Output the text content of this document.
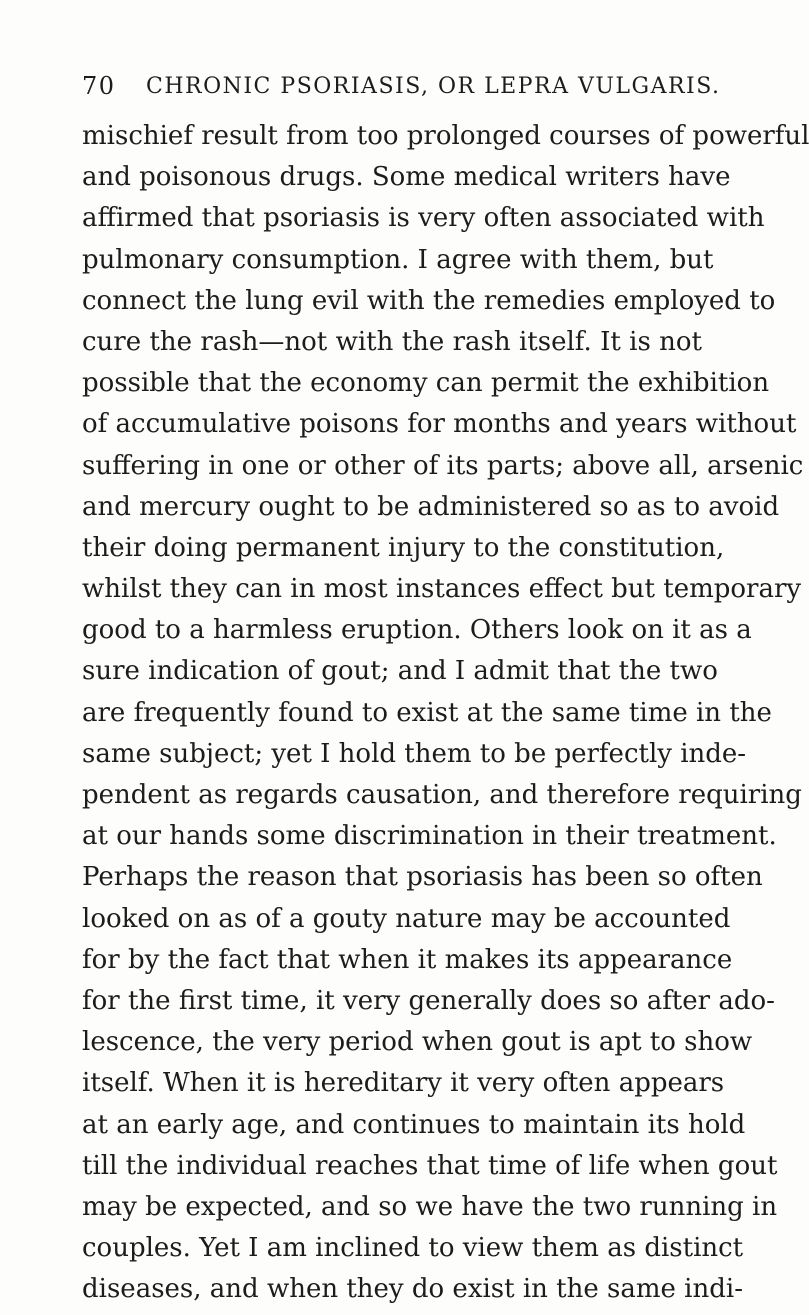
70 CHRONIC PSORIASIS, OR LEPRA VULGARIS.
mischief result from too prolonged courses of powerful
and poisonous drugs. Some medical writers have
affirmed that psoriasis is very often associated with
pulmonary consumption. I agree with them, but
connect the lung evil with the remedies employed to
cure the rash—not with the rash itself. It is not
possible that the economy can permit the exhibition
of accumulative poisons for months and years without
suffering in one or other of its parts; above all, arsenic
and mercury ought to be administered so as to avoid
their doing permanent injury to the constitution,
whilst they can in most instances effect but temporary
good to a harmless eruption. Others look on it as a
sure indication of gout; and I admit that the two
are frequently found to exist at the same time in the
same subject; yet I hold them to be perfectly inde-
pendent as regards causation, and therefore requiring
at our hands some discrimination in their treatment.
Perhaps the reason that psoriasis has been so often
looked on as of a gouty nature may be accounted
for by the fact that when it makes its appearance
for the first time, it very generally does so after ado-
lescence, the very period when gout is apt to show
itself. When it is hereditary it very often appears
at an early age, and continues to maintain its hold
till the individual reaches that time of life when gout
may be expected, and so we have the two running in
couples. Yet I am inclined to view them as distinct
diseases, and when they do exist in the same indi-
